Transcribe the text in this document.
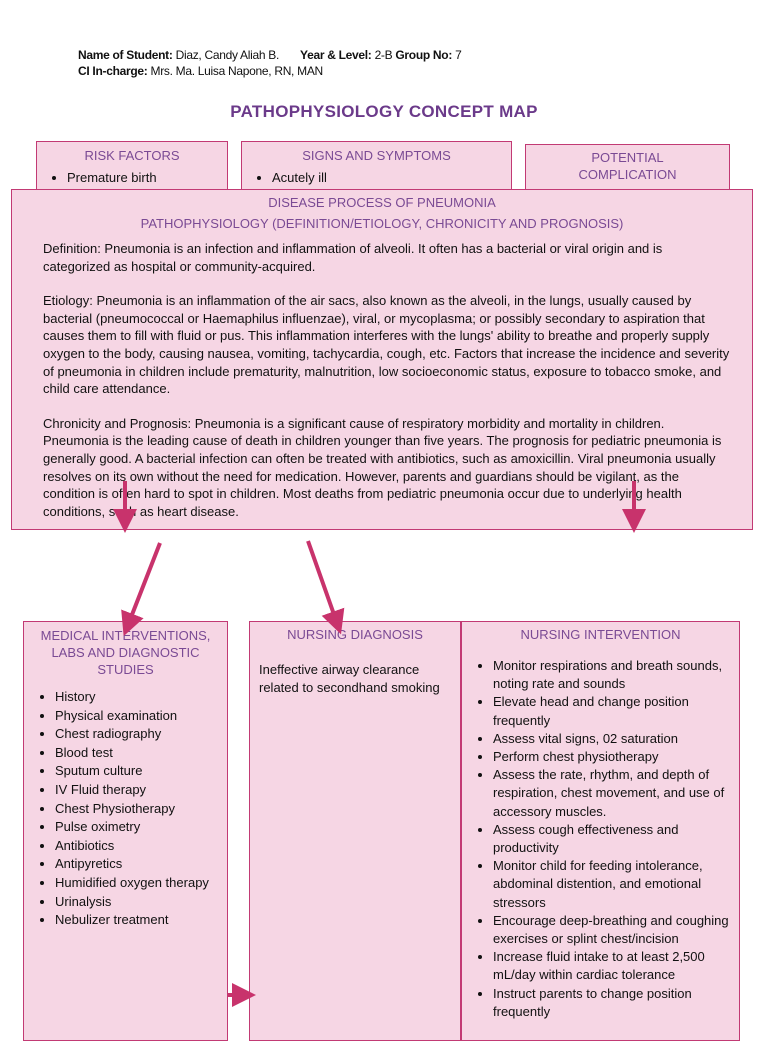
Name of Student: Diaz, Candy Aliah B. Year & Level: 2-B Group No: 7
CI In-charge: Mrs. Ma. Luisa Napone, RN, MAN
PATHOPHYSIOLOGY CONCEPT MAP
RISK FACTORS
• Premature birth
SIGNS AND SYMPTOMS
• Acutely ill
POTENTIAL
COMPLICATION
DISEASE PROCESS OF PNEUMONIA
PATHOPHYSIOLOGY (DEFINITION/ETIOLOGY, CHRONICITY AND PROGNOSIS)

Definition: Pneumonia is an infection and inflammation of alveoli. It often has a bacterial or viral origin and is categorized as hospital or community-acquired.

Etiology: Pneumonia is an inflammation of the air sacs, also known as the alveoli, in the lungs, usually caused by bacterial (pneumococcal or Haemaphilus influenzae), viral, or mycoplasma; or possibly secondary to aspiration that causes them to fill with fluid or pus. This inflammation interferes with the lungs' ability to breathe and properly supply oxygen to the body, causing nausea, vomiting, tachycardia, cough, etc. Factors that increase the incidence and severity of pneumonia in children include prematurity, malnutrition, low socioeconomic status, exposure to tobacco smoke, and child care attendance.

Chronicity and Prognosis: Pneumonia is a significant cause of respiratory morbidity and mortality in children. Pneumonia is the leading cause of death in children younger than five years. The prognosis for pediatric pneumonia is generally good. A bacterial infection can often be treated with antibiotics, such as amoxicillin. Viral pneumonia usually resolves on its own without the need for medication. However, parents and guardians should be vigilant, as the condition is often hard to spot in children. Most deaths from pediatric pneumonia occur due to underlying health conditions, such as heart disease.

MEDICAL INTERVENTIONS, LABS AND DIAGNOSTIC STUDIES
• History
• Physical examination
• Chest radiography
• Blood test
• Sputum culture
• IV Fluid therapy
• Chest Physiotherapy
• Pulse oximetry
• Antibiotics
• Antipyretics
• Humidified oxygen therapy
• Urinalysis
• Nebulizer treatment
NURSING DIAGNOSIS
Ineffective airway clearance related to secondhand smoking
NURSING INTERVENTION
• Monitor respirations and breath sounds, noting rate and sounds
• Elevate head and change position frequently
• Assess vital signs, 02 saturation
• Perform chest physiotherapy
• Assess the rate, rhythm, and depth of respiration, chest movement, and use of accessory muscles.
• Assess cough effectiveness and productivity
• Monitor child for feeding intolerance, abdominal distention, and emotional stressors
• Encourage deep-breathing and coughing exercises or splint chest/incision
• Increase fluid intake to at least 2,500 mL/day within cardiac tolerance
• Instruct parents to change position frequently
